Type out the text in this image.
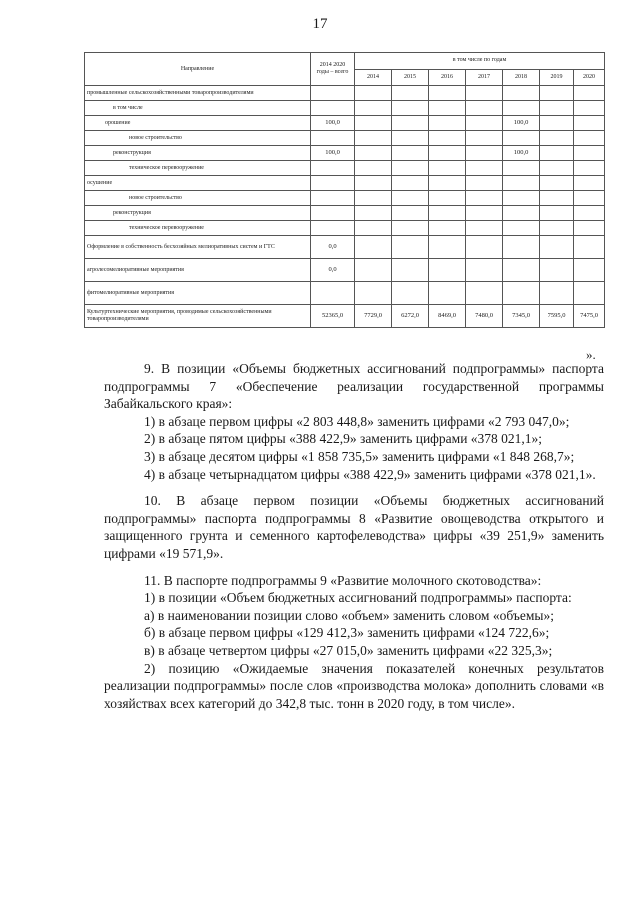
17
Направление	2014 2020 годы – всего	в том числе по годам						
		2014	2015	2016	2017	2018	2019	2020
промышленные сельскохозяйственными товаропроизводителями								
в том числе								
орошение	100,0					100,0		
новое строительство								
реконструкция	100,0					100,0		
техническое перевооружение								
осушение								
новое строительство								
реконструкция								
техническое перевооружение								
Оформление в собственность бесхозяйных мелиоративных систем и ГТС	0,0							
агролесомелиоративные мероприятия	0,0							
фитомелиоративные мероприятия								
Культуртехнические мероприятия, проводимые сельскохозяйственными товаропроизводителями	52365,0	7729,0	6272,0	8469,0	7480,0	7345,0	7595,0	7475,0
».

9. В позиции «Объемы бюджетных ассигнований подпрограммы» паспорта подпрограммы 7 «Обеспечение реализации государственной программы Забайкальского края»:

1) в абзаце первом цифры «2 803 448,8» заменить цифрами «2 793 047,0»;

2) в абзаце пятом цифры «388 422,9» заменить цифрами «378 021,1»;

3) в абзаце десятом цифры «1 858 735,5» заменить цифрами «1 848 268,7»;

4) в абзаце четырнадцатом цифры «388 422,9» заменить цифрами «378 021,1».

10. В абзаце первом позиции «Объемы бюджетных ассигнований подпрограммы» паспорта подпрограммы 8 «Развитие овощеводства открытого и защищенного грунта и семенного картофелеводства» цифры «39 251,9» заменить цифрами «19 571,9».

11. В паспорте подпрограммы 9 «Развитие молочного скотоводства»:

1) в позиции «Объем бюджетных ассигнований подпрограммы» паспорта:

а) в наименовании позиции слово «объем» заменить словом «объемы»;

б) в абзаце первом цифры «129 412,3» заменить цифрами «124 722,6»;

в) в абзаце четвертом цифры «27 015,0» заменить цифрами «22 325,3»;

2) позицию «Ожидаемые значения показателей конечных результатов реализации подпрограммы» после слов «производства молока» дополнить словами «в хозяйствах всех категорий до 342,8 тыс. тонн в 2020 году, в том числе».
